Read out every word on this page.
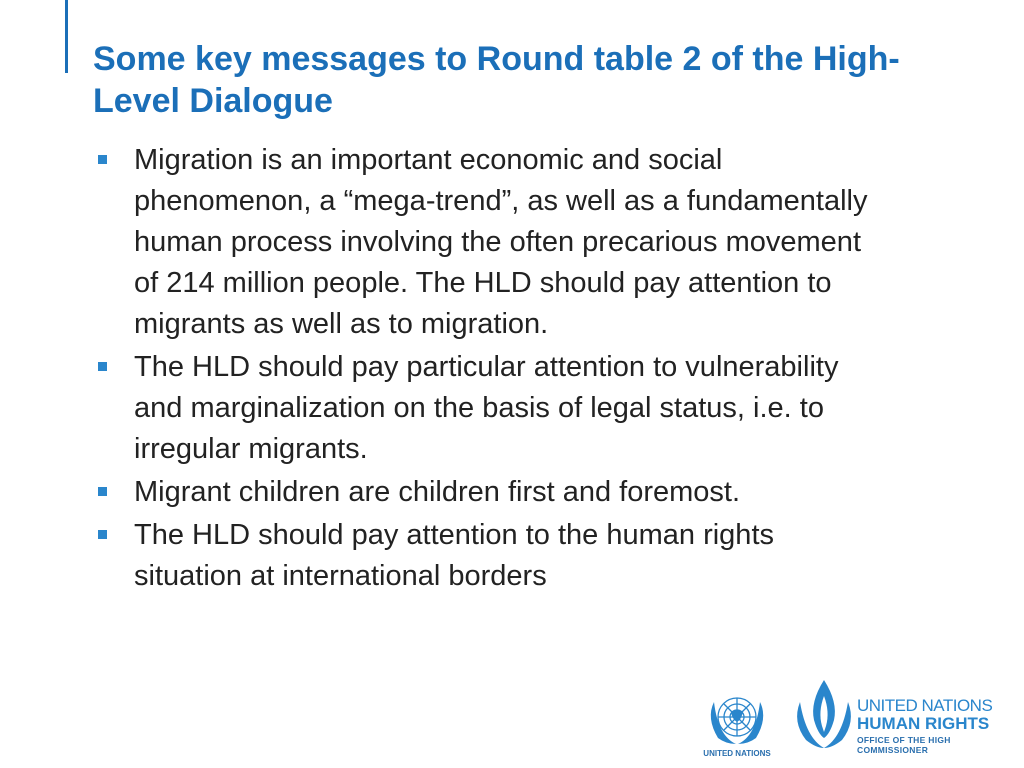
Some key messages to Round table 2 of the High-Level Dialogue
Migration is an important economic and social phenomenon, a “mega-trend”, as well as a fundamentally human process involving the often precarious movement of 214 million people. The HLD should pay attention to migrants as well as to migration.
The HLD should pay particular attention to vulnerability and marginalization on the basis of legal status, i.e. to irregular migrants.
Migrant children are children first and foremost.
The HLD should pay attention to the human rights situation at international borders
UNITED NATIONS
UNITED NATIONS
HUMAN RIGHTS
OFFICE OF THE HIGH COMMISSIONER
